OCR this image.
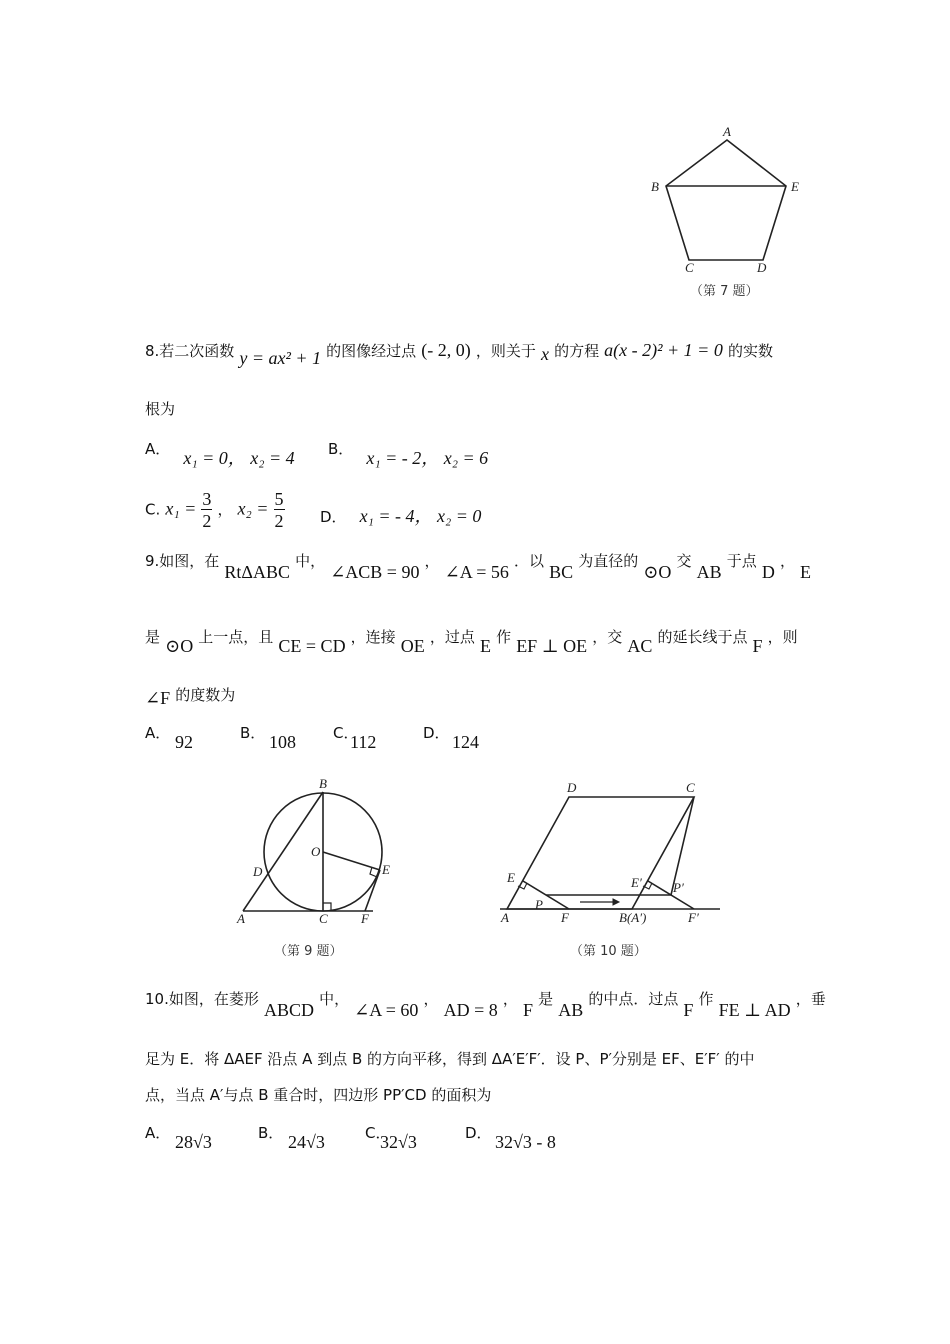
A
B	E
C	D
（第 7 题）
8.若二次函数 y = ax² + 1 的图像经过点 (- 2, 0) ，则关于 x 的方程 a(x - 2)² + 1 = 0 的实数
根为
A． x₁ = 0， x₂ = 4 B． x₁ = - 2， x₂ = 6
C. $x_1 = \frac{3}{2}$ ， $x_2 = \frac{5}{2}$ D． x₁ = - 4， x₂ = 0
9.如图，在 RtΔABC 中， ∠ACB = 90 ， ∠A = 56 ．以 BC 为直径的 ⊙O 交 AB 于点 D ， E
是 ⊙O 上一点，且 CE = CD ，连接 OE ，过点 E 作 EF ⊥ OE ，交 AC 的延长线于点 F ，则
∠F 的度数为
A． 92	B． 108 C．
112	D． 124
B
O
D	E
A	C	F
（第 9 题）
D	C
E
P
F
A
E′ P′
B(A′)	F′
（第 10 题）
10.如图，在菱形 ABCD 中， ∠A = 60 ， AD = 8 ， F 是 AB 的中点．过点 F 作 FE ⊥ AD ，垂
足为 E．将 ΔAEF 沿点 A 到点 B 的方向平移，得到 ΔA′E′F′．设 P、P′分别是 EF、E′F′ 的中
点，当点 A′与点 B 重合时，四边形 PP′CD 的面积为
A． 28√3	B． 24√3	C．
32√3	D． 32√3 - 8
